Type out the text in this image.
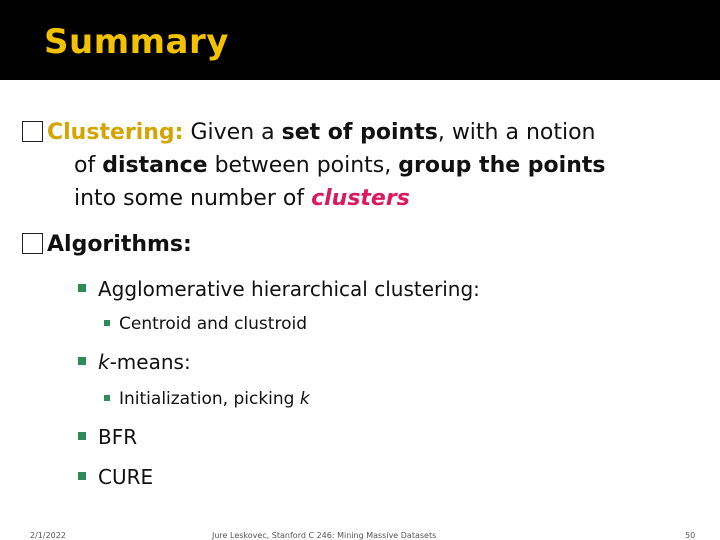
Summary
Clustering: Given a set of points, with a notion
of distance between points, group the points
into some number of clusters
Algorithms:
Agglomerative hierarchical clustering:
Centroid and clustroid
k-means:
Initialization, picking k
BFR
CURE
2/1/2022	Jure Leskovec, Stanford C 246: Mining Massive Datasets	50
